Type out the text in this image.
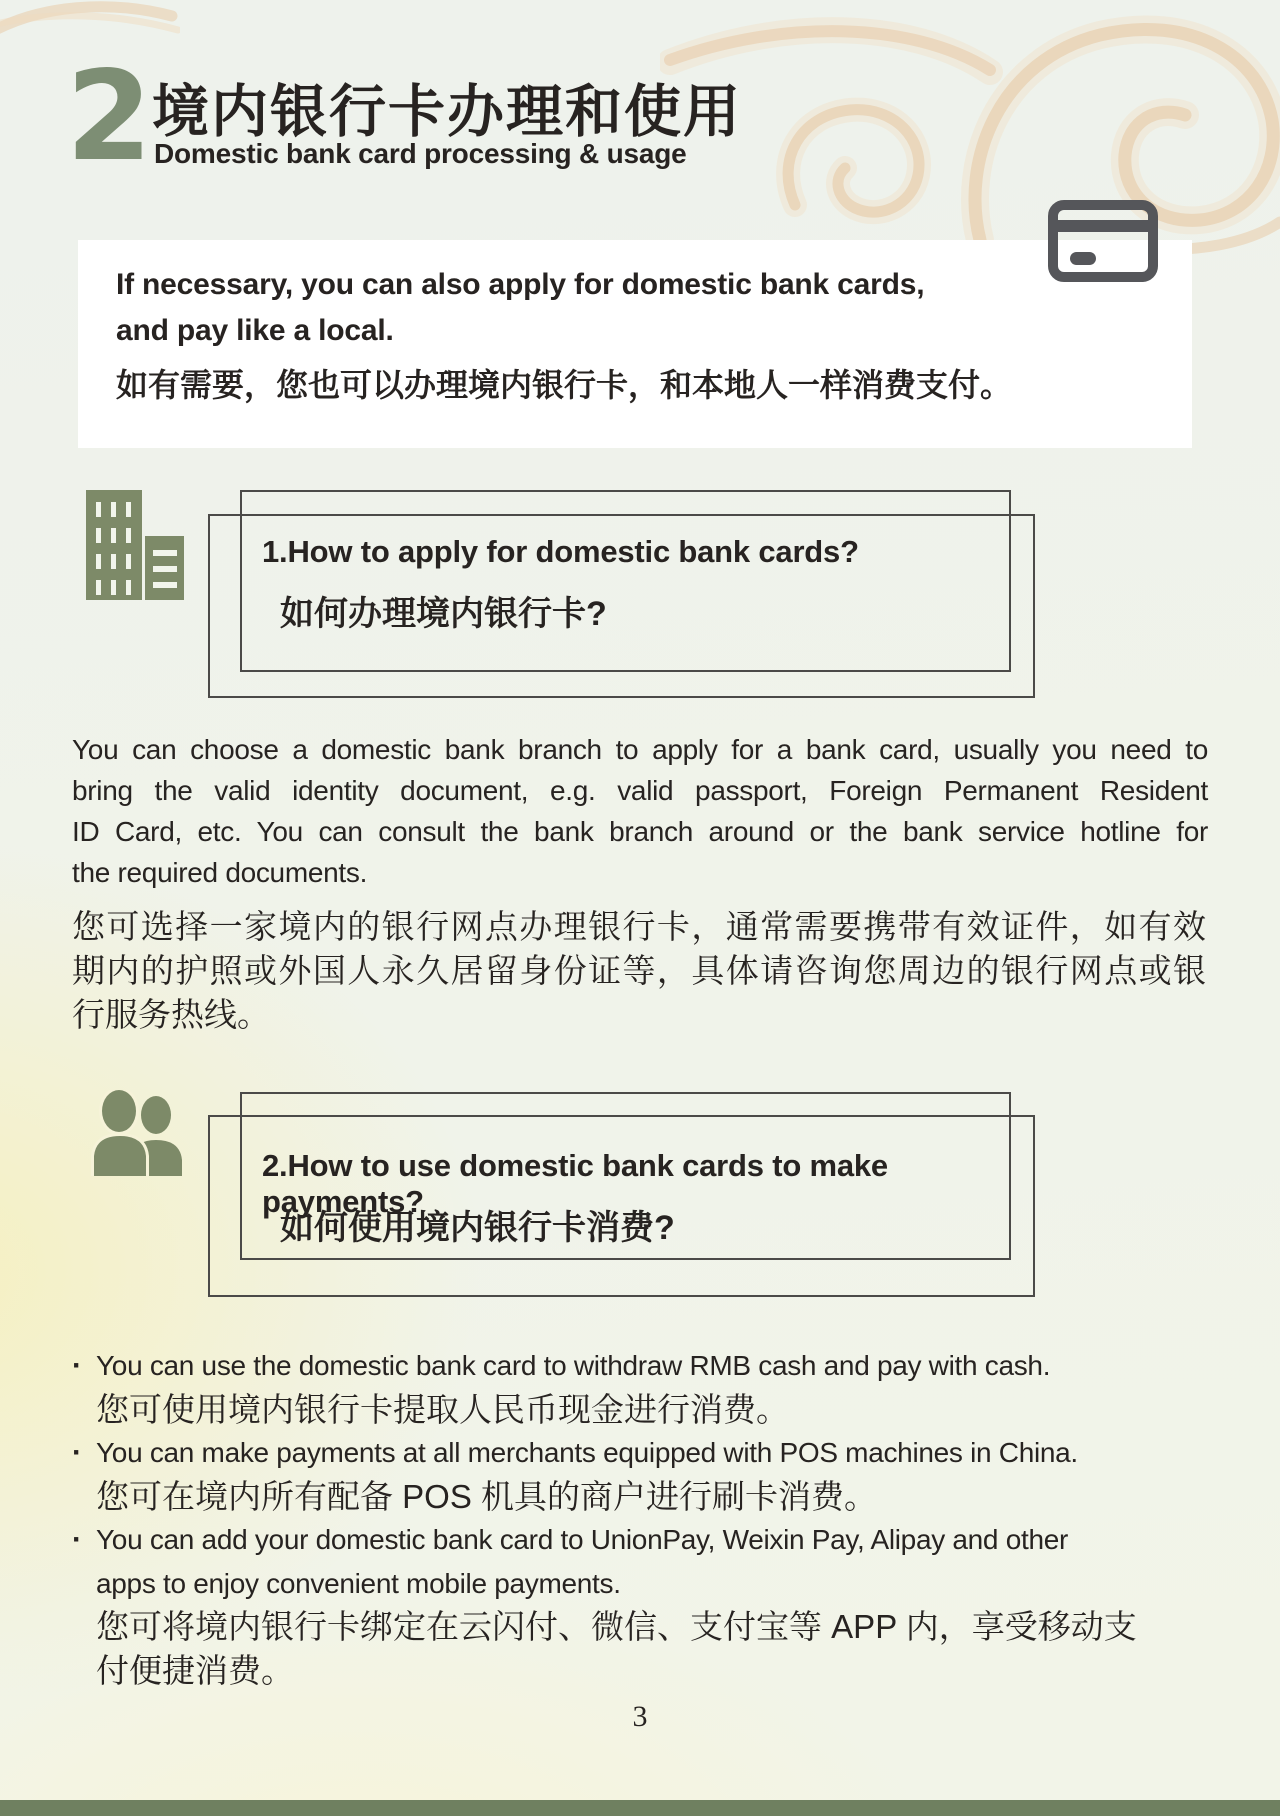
2 境内银行卡办理和使用
Domestic bank card processing & usage
If necessary, you can also apply for domestic bank cards,
and pay like a local.
如有需要，您也可以办理境内银行卡，和本地人一样消费支付。
1.How to apply for domestic bank cards?
如何办理境内银行卡?
You can choose a domestic bank branch to apply for a bank card, usually you need to
bring the valid identity document, e.g. valid passport, Foreign Permanent Resident
ID Card, etc. You can consult the bank branch around or the bank service hotline for
the required documents.
您可选择一家境内的银行网点办理银行卡，通常需要携带有效证件，如有效
期内的护照或外国人永久居留身份证等，具体请咨询您周边的银行网点或银
行服务热线。
2.How to use domestic bank cards to make payments?
如何使用境内银行卡消费?
· You can use the domestic bank card to withdraw RMB cash and pay with cash.
您可使用境内银行卡提取人民币现金进行消费。
· You can make payments at all merchants equipped with POS machines in China.
您可在境内所有配备 POS 机具的商户进行刷卡消费。
· You can add your domestic bank card to UnionPay, Weixin Pay, Alipay and other
apps to enjoy convenient mobile payments.
您可将境内银行卡绑定在云闪付、微信、支付宝等 APP 内，享受移动支
付便捷消费。
3
